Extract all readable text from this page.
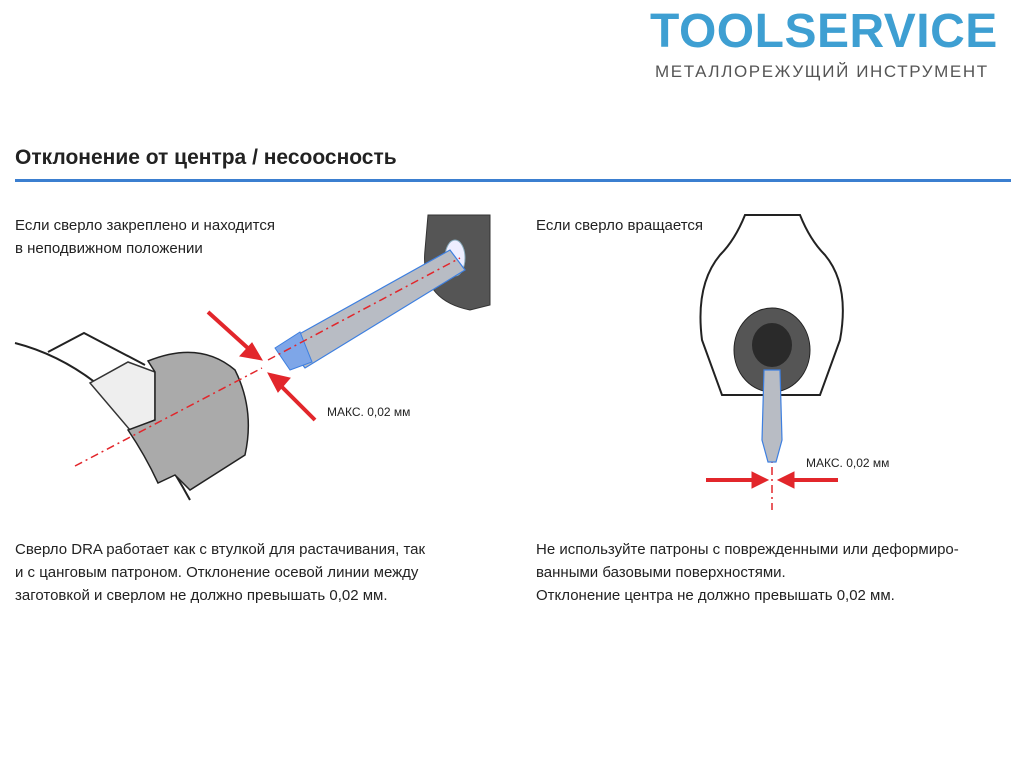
TOOLSERVICE
МЕТАЛЛОРЕЖУЩИЙ ИНСТРУМЕНТ
Отклонение от центра / несоосность
Если сверло закреплено и находится
в неподвижном положении
МАКС. 0,02 мм
Сверло DRA работает как с втулкой для растачивания, так
и с цанговым патроном. Отклонение осевой линии между
заготовкой и сверлом не должно превышать 0,02 мм.
Если сверло вращается
МАКС. 0,02 мм
Не используйте патроны с поврежденными или деформиро-
ванными базовыми поверхностями.
Отклонение центра не должно превышать 0,02 мм.
